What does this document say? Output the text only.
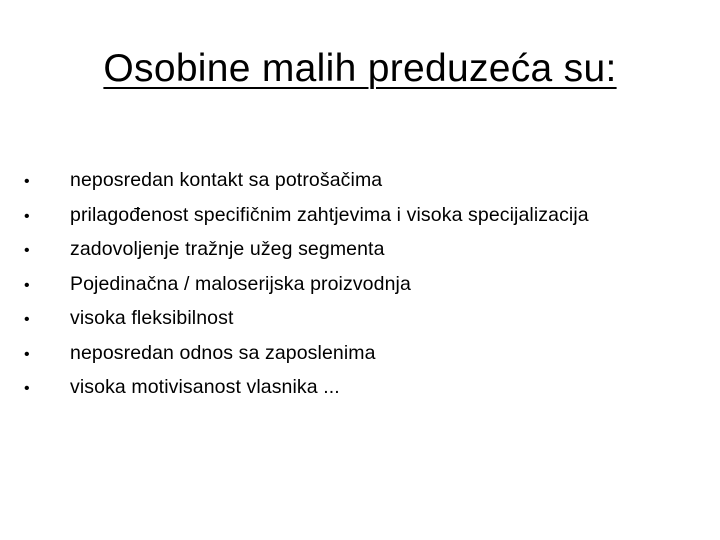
Osobine malih preduzeća su:
•	neposredan kontakt sa potrošačima
•	prilagođenost specifičnim zahtjevima i visoka specijalizacija
•	zadovoljenje tražnje užeg segmenta
•	Pojedinačna / maloserijska proizvodnja
•	visoka fleksibilnost
•	neposredan odnos sa zaposlenima
•	visoka motivisanost vlasnika ...
